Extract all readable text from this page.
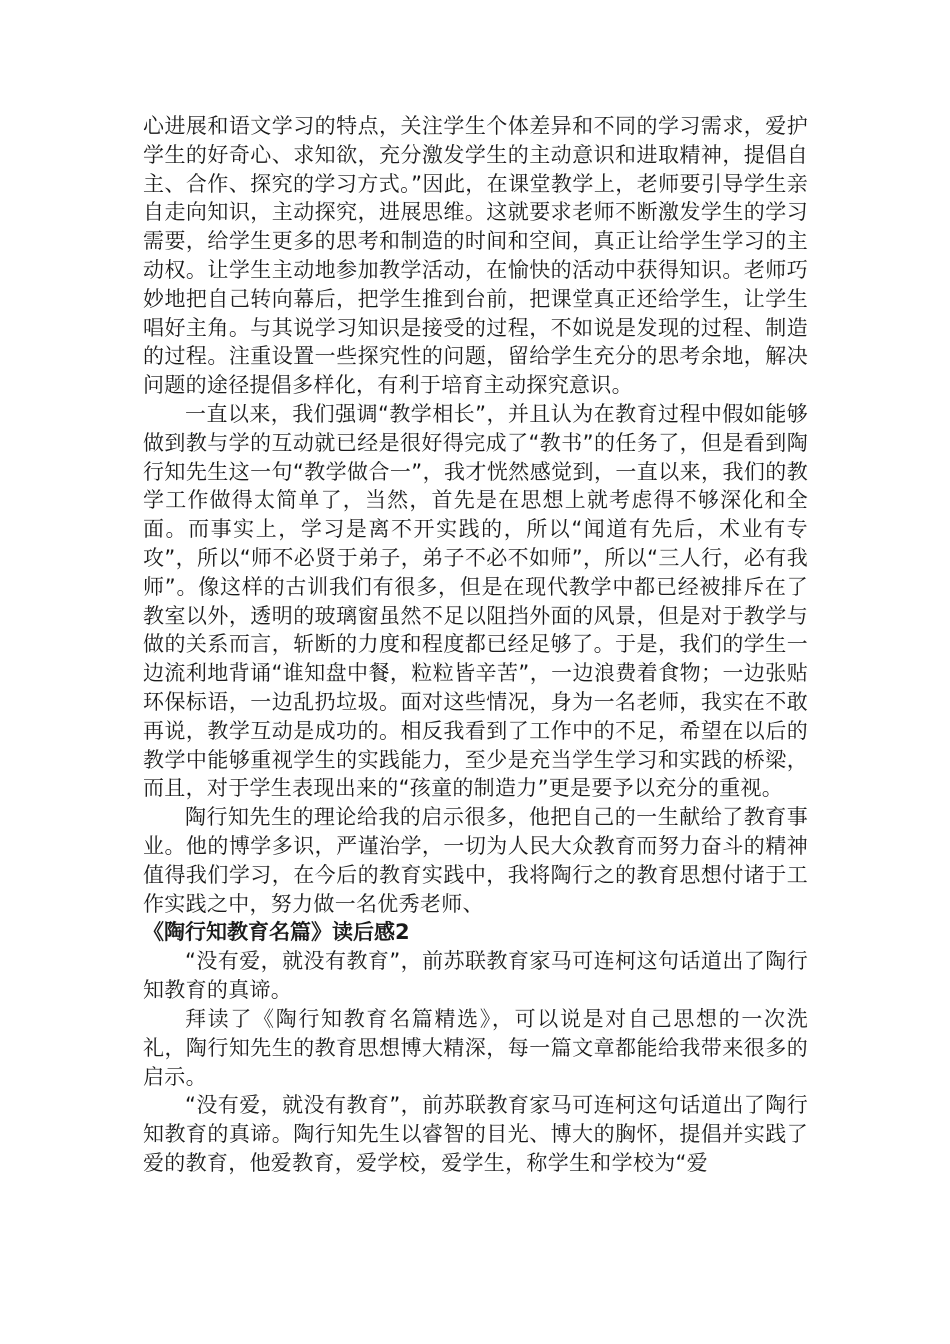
心进展和语文学习的特点，关注学生个体差异和不同的学习需求，爱护学生的好奇心、求知欲，充分激发学生的主动意识和进取精神，提倡自主、合作、探究的学习方式。”因此，在课堂教学上，老师要引导学生亲自走向知识，主动探究，进展思维。这就要求老师不断激发学生的学习需要，给学生更多的思考和制造的时间和空间，真正让给学生学习的主动权。让学生主动地参加教学活动，在愉快的活动中获得知识。老师巧妙地把自己转向幕后，把学生推到台前，把课堂真正还给学生，让学生唱好主角。与其说学习知识是接受的过程，不如说是发现的过程、制造的过程。注重设置一些探究性的问题，留给学生充分的思考余地，解决问题的途径提倡多样化，有利于培育主动探究意识。

一直以来，我们强调“教学相长”，并且认为在教育过程中假如能够做到教与学的互动就已经是很好得完成了“教书”的任务了，但是看到陶行知先生这一句“教学做合一”，我才恍然感觉到，一直以来，我们的教学工作做得太简单了，当然，首先是在思想上就考虑得不够深化和全面。而事实上，学习是离不开实践的，所以“闻道有先后，术业有专攻”，所以“师不必贤于弟子，弟子不必不如师”，所以“三人行，必有我师”。像这样的古训我们有很多，但是在现代教学中都已经被排斥在了教室以外，透明的玻璃窗虽然不足以阻挡外面的风景，但是对于教学与做的关系而言，斩断的力度和程度都已经足够了。于是，我们的学生一边流利地背诵“谁知盘中餐，粒粒皆辛苦”，一边浪费着食物；一边张贴环保标语，一边乱扔垃圾。面对这些情况，身为一名老师，我实在不敢再说，教学互动是成功的。相反我看到了工作中的不足，希望在以后的教学中能够重视学生的实践能力，至少是充当学生学习和实践的桥梁，而且，对于学生表现出来的“孩童的制造力”更是要予以充分的重视。

陶行知先生的理论给我的启示很多，他把自己的一生献给了教育事业。他的博学多识，严谨治学，一切为人民大众教育而努力奋斗的精神值得我们学习，在今后的教育实践中，我将陶行之的教育思想付诸于工作实践之中，努力做一名优秀老师、

《陶行知教育名篇》读后感2

“没有爱，就没有教育”，前苏联教育家马可连柯这句话道出了陶行知教育的真谛。

拜读了《陶行知教育名篇精选》，可以说是对自己思想的一次洗礼，陶行知先生的教育思想博大精深，每一篇文章都能给我带来很多的启示。

“没有爱，就没有教育”，前苏联教育家马可连柯这句话道出了陶行知教育的真谛。陶行知先生以睿智的目光、博大的胸怀，提倡并实践了爱的教育，他爱教育，爱学校，爱学生，称学生和学校为“爱
